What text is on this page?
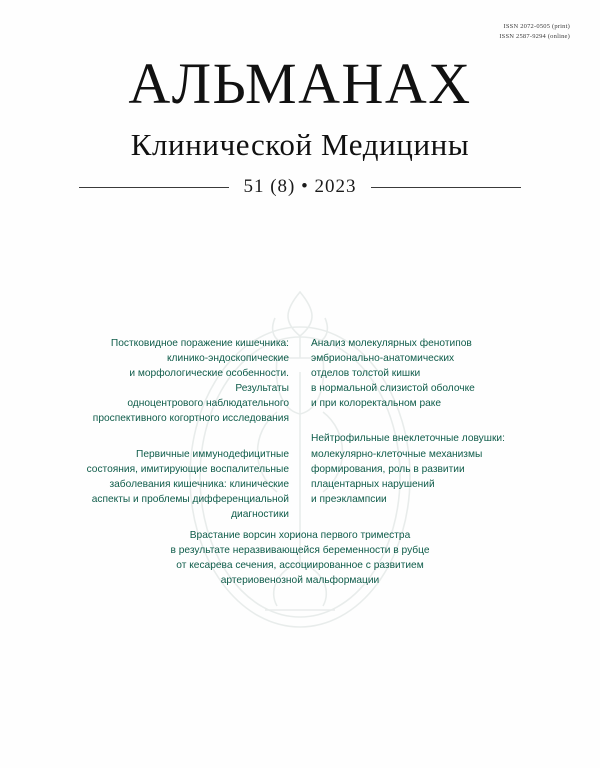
ISSN 2072-0505 (print)
ISSN 2587-9294 (online)
АЛЬМАНАХ
Клинической Медицины
51 (8) • 2023
Постковидное поражение кишечника:
клинико-эндоскопические
и морфологические особенности. Результаты
одноцентрового наблюдательного
проспективного когортного исследования
Первичные иммунодефицитные
состояния, имитирующие воспалительные
заболевания кишечника: клинические
аспекты и проблемы дифференциальной
диагностики
Анализ молекулярных фенотипов
эмбрионально-анатомических
отделов толстой кишки
в нормальной слизистой оболочке
и при колоректальном раке
Нейтрофильные внеклеточные ловушки:
молекулярно-клеточные механизмы
формирования, роль в развитии
плацентарных нарушений
и преэклампсии
Врастание ворсин хориона первого триместра
в результате неразвивающейся беременности в рубце
от кесарева сечения, ассоциированное с развитием
артериовенозной мальформации
